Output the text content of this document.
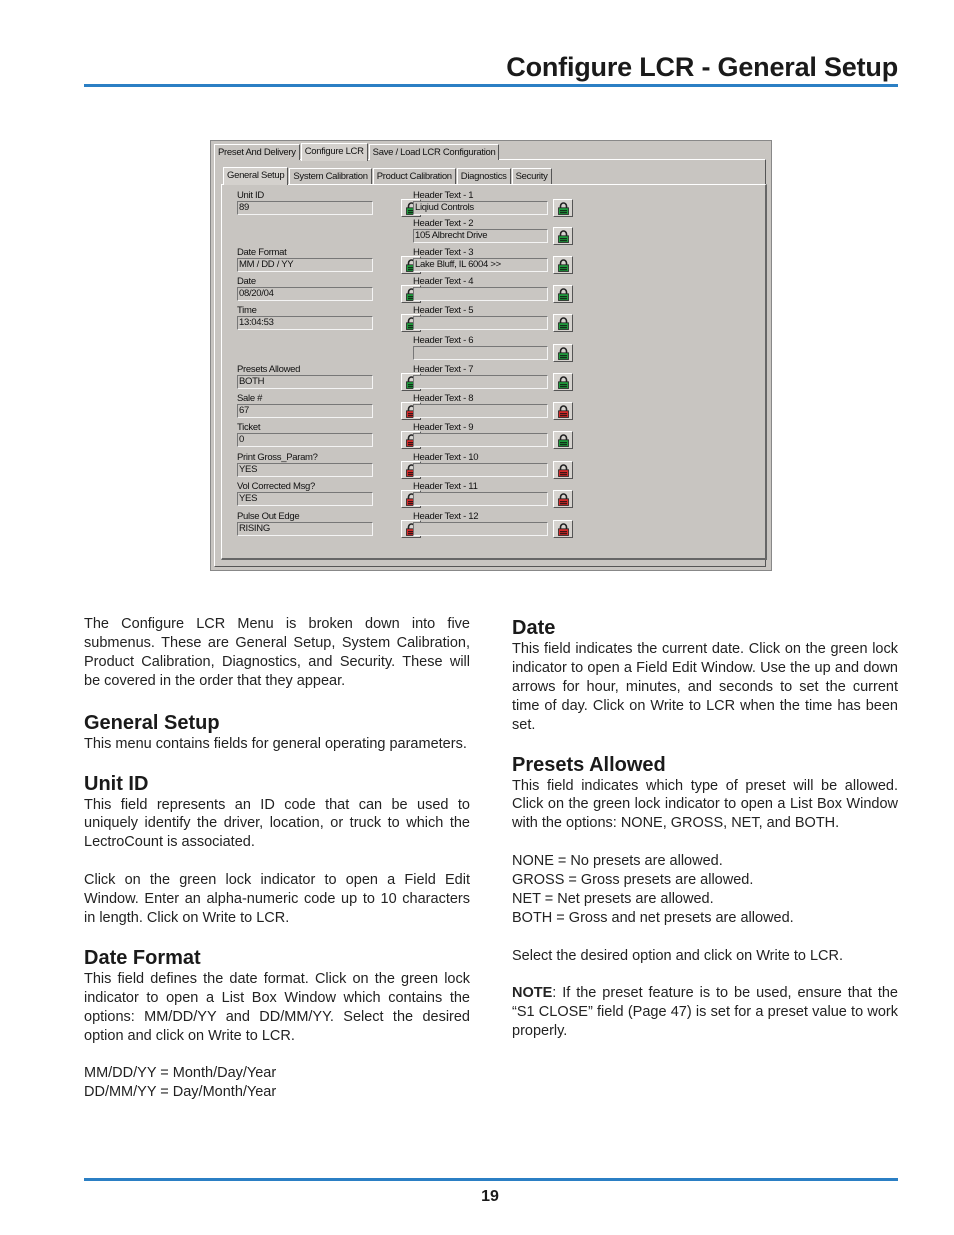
Configure LCR - General Setup
Preset And Delivery Configure LCR Save / Load LCR Configuration
General Setup System Calibration Product Calibration Diagnostics Security
Unit ID
89
Date Format
MM / DD / YY
Date
08/20/04
Time
13:04:53
Presets Allowed
BOTH
Sale #
67
Ticket
0
Print Gross_Param?
YES
Vol Corrected Msg?
YES
Pulse Out Edge
RISING
Header Text - 1
Liqiud Controls
Header Text - 2
105 Albrecht Drive
Header Text - 3
Lake Bluff, IL 6004 >>
Header Text - 4
Header Text - 5
Header Text - 6
Header Text - 7
Header Text - 8
Header Text - 9
Header Text - 10
Header Text - 11
Header Text - 12

The Configure LCR Menu is broken down into five submenus. These are General Setup, System Calibration, Product Calibration, Diagnostics, and Security. These will be covered in the order that they appear.

General Setup

This menu contains fields for general operating parameters.

Unit ID

This field represents an ID code that can be used to uniquely identify the driver, location, or truck to which the LectroCount is associated.

Click on the green lock indicator to open a Field Edit Window. Enter an alpha-numeric code up to 10 characters in length. Click on Write to LCR.

Date Format

This field defines the date format. Click on the green lock indicator to open a List Box Window which contains the options: MM/DD/YY and DD/MM/YY. Select the desired option and click on Write to LCR.

MM/DD/YY = Month/Day/Year

DD/MM/YY = Day/Month/Year

Date

This field indicates the current date. Click on the green lock indicator to open a Field Edit Window. Use the up and down arrows for hour, minutes, and seconds to set the current time of day. Click on Write to LCR when the time has been set.

Presets Allowed

This field indicates which type of preset will be allowed. Click on the green lock indicator to open a List Box Window with the options: NONE, GROSS, NET, and BOTH.

NONE = No presets are allowed.

GROSS = Gross presets are allowed.

NET = Net presets are allowed.

BOTH = Gross and net presets are allowed.

Select the desired option and click on Write to LCR.

NOTE: If the preset feature is to be used, ensure that the “S1 CLOSE” field (Page 47) is set for a preset value to work properly.

19
